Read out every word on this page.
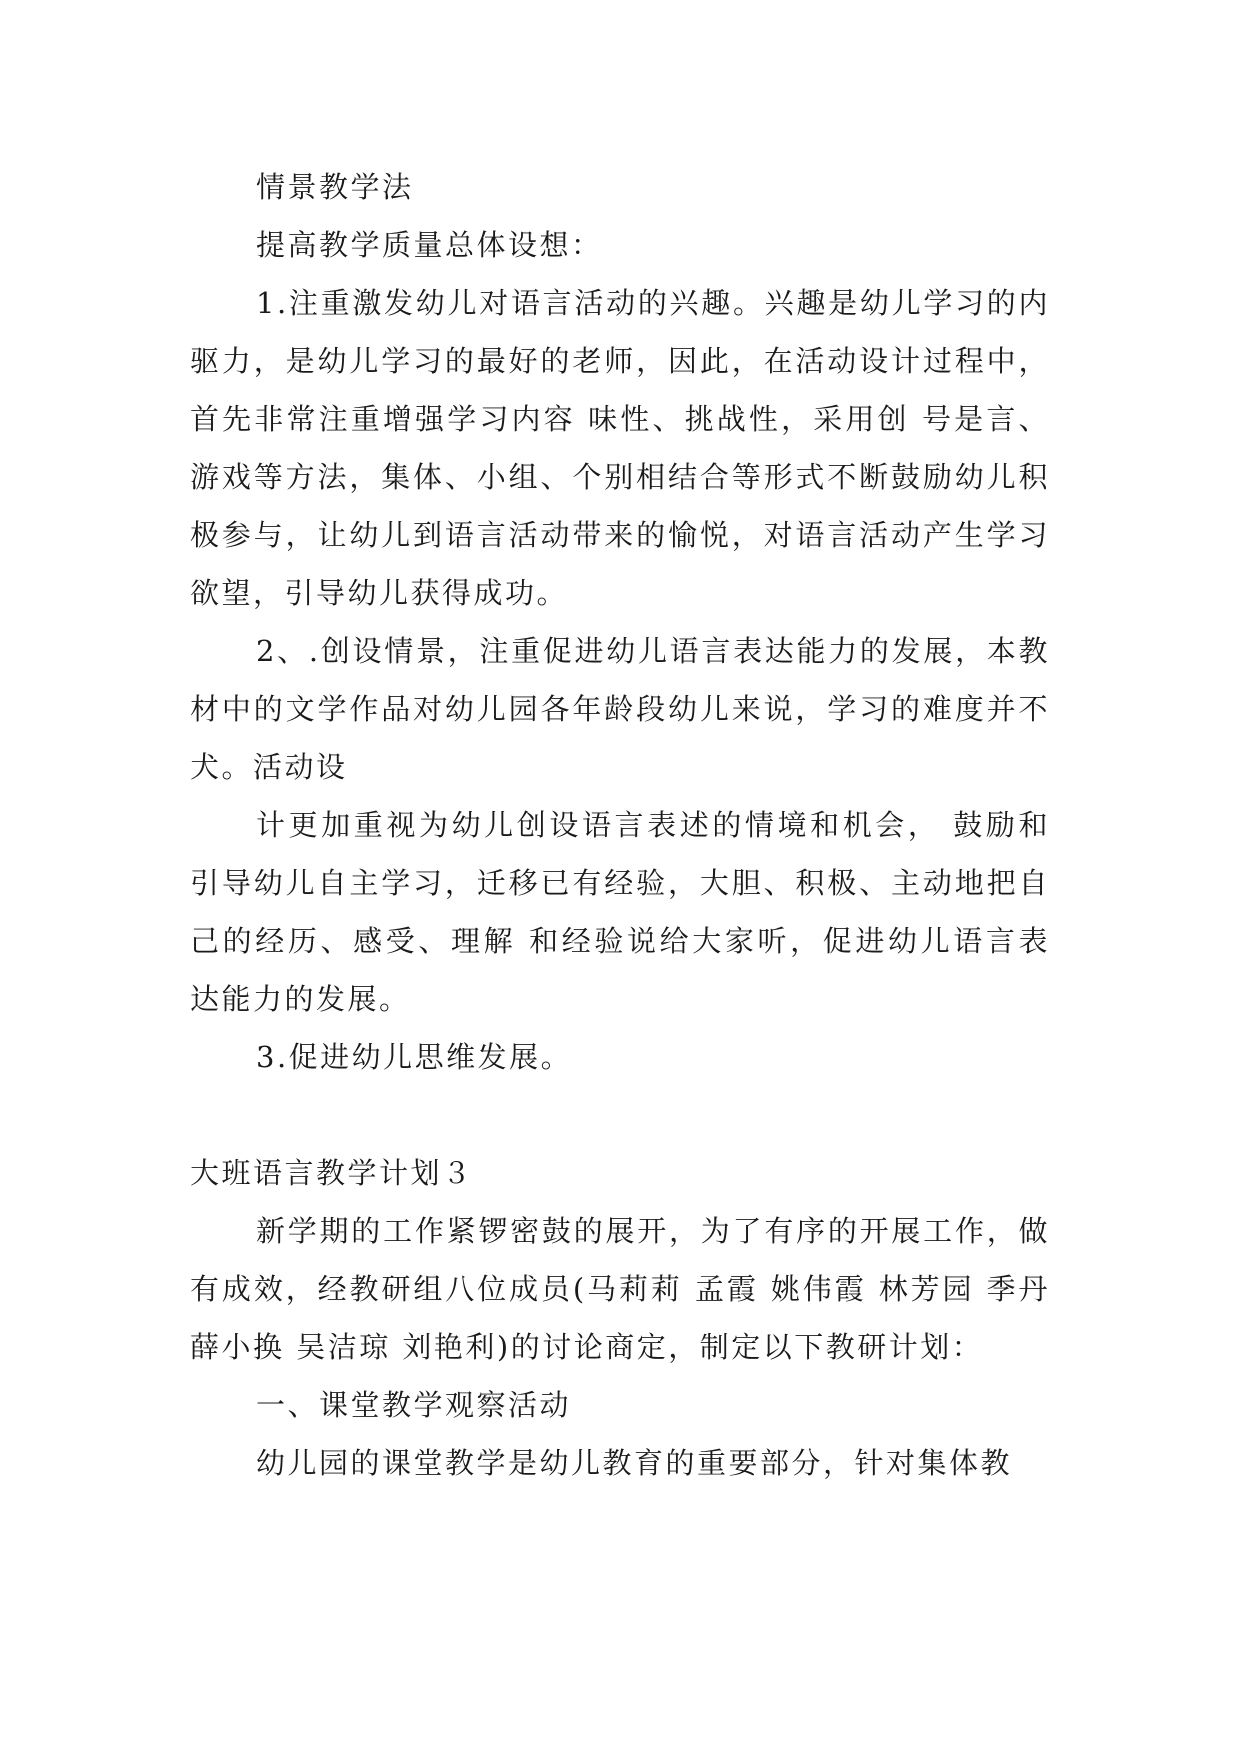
情景教学法

提高教学质量总体设想：

1.注重激发幼儿对语言活动的兴趣。兴趣是幼儿学习的内驱力，是幼儿学习的最好的老师，因此，在活动设计过程中，首先非常注重增强学习内容 味性、挑战性，采用创 号是言、游戏等方法，集体、小组、个别相结合等形式不断鼓励幼儿积极参与，让幼儿到语言活动带来的愉悦，对语言活动产生学习欲望，引导幼儿获得成功。

2、.创设情景，注重促进幼儿语言表达能力的发展，本教材中的文学作品对幼儿园各年龄段幼儿来说，学习的难度并不犬。活动设

计更加重视为幼儿创设语言表述的情境和机会， 鼓励和引导幼儿自主学习，迁移已有经验，大胆、积极、主动地把自己的经历、感受、理解 和经验说给大家听，促进幼儿语言表达能力的发展。

3.促进幼儿思维发展。

大班语言教学计划３

新学期的工作紧锣密鼓的展开，为了有序的开展工作，做有成效，经教研组八位成员(马莉莉 孟霞 姚伟霞 林芳园 季丹 薛小换 吴洁琼 刘艳利)的讨论商定，制定以下教研计划：

一、课堂教学观察活动

幼儿园的课堂教学是幼儿教育的重要部分，针对集体教
